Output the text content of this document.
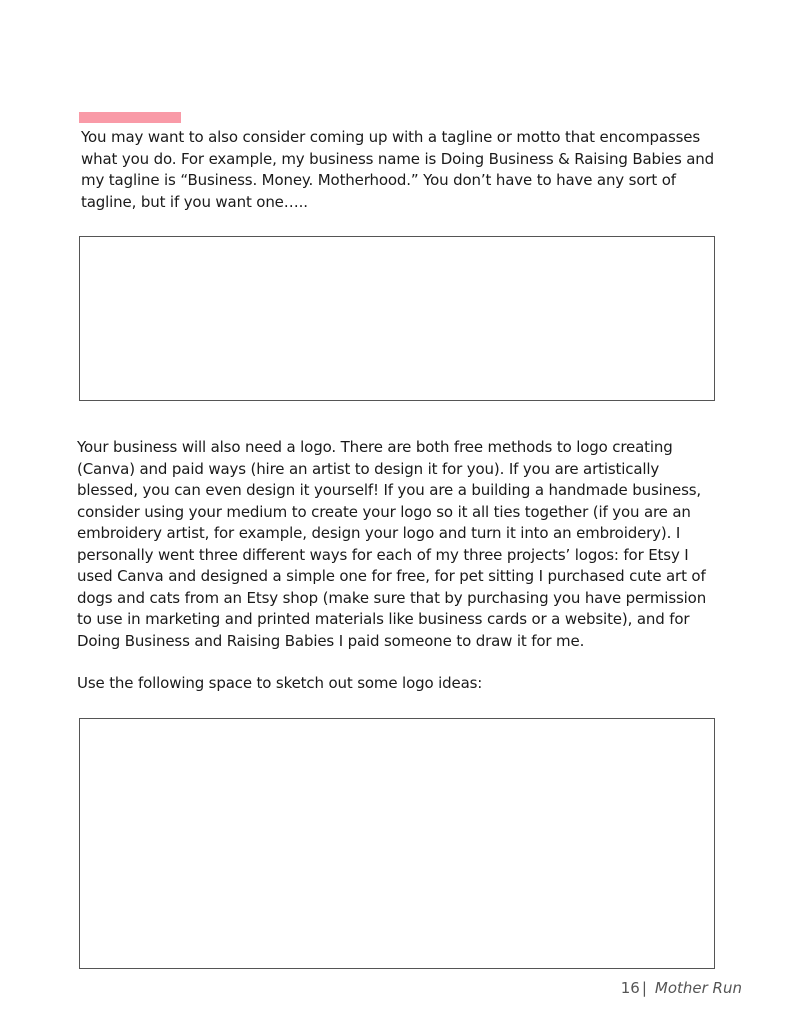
You may want to also consider coming up with a tagline or motto that encompasses what you do. For example, my business name is Doing Business & Raising Babies and my tagline is “Business. Money. Motherhood.” You don’t have to have any sort of tagline, but if you want one…..

Your business will also need a logo. There are both free methods to logo creating (Canva) and paid ways (hire an artist to design it for you). If you are artistically blessed, you can even design it yourself! If you are a building a handmade business, consider using your medium to create your logo so it all ties together (if you are an embroidery artist, for example, design your logo and turn it into an embroidery). I personally went three different ways for each of my three projects’ logos: for Etsy I used Canva and designed a simple one for free, for pet sitting I purchased cute art of dogs and cats from an Etsy shop (make sure that by purchasing you have permission to use in marketing and printed materials like business cards or a website), and for Doing Business and Raising Babies I paid someone to draw it for me.

Use the following space to sketch out some logo ideas:

16 | Mother Run
